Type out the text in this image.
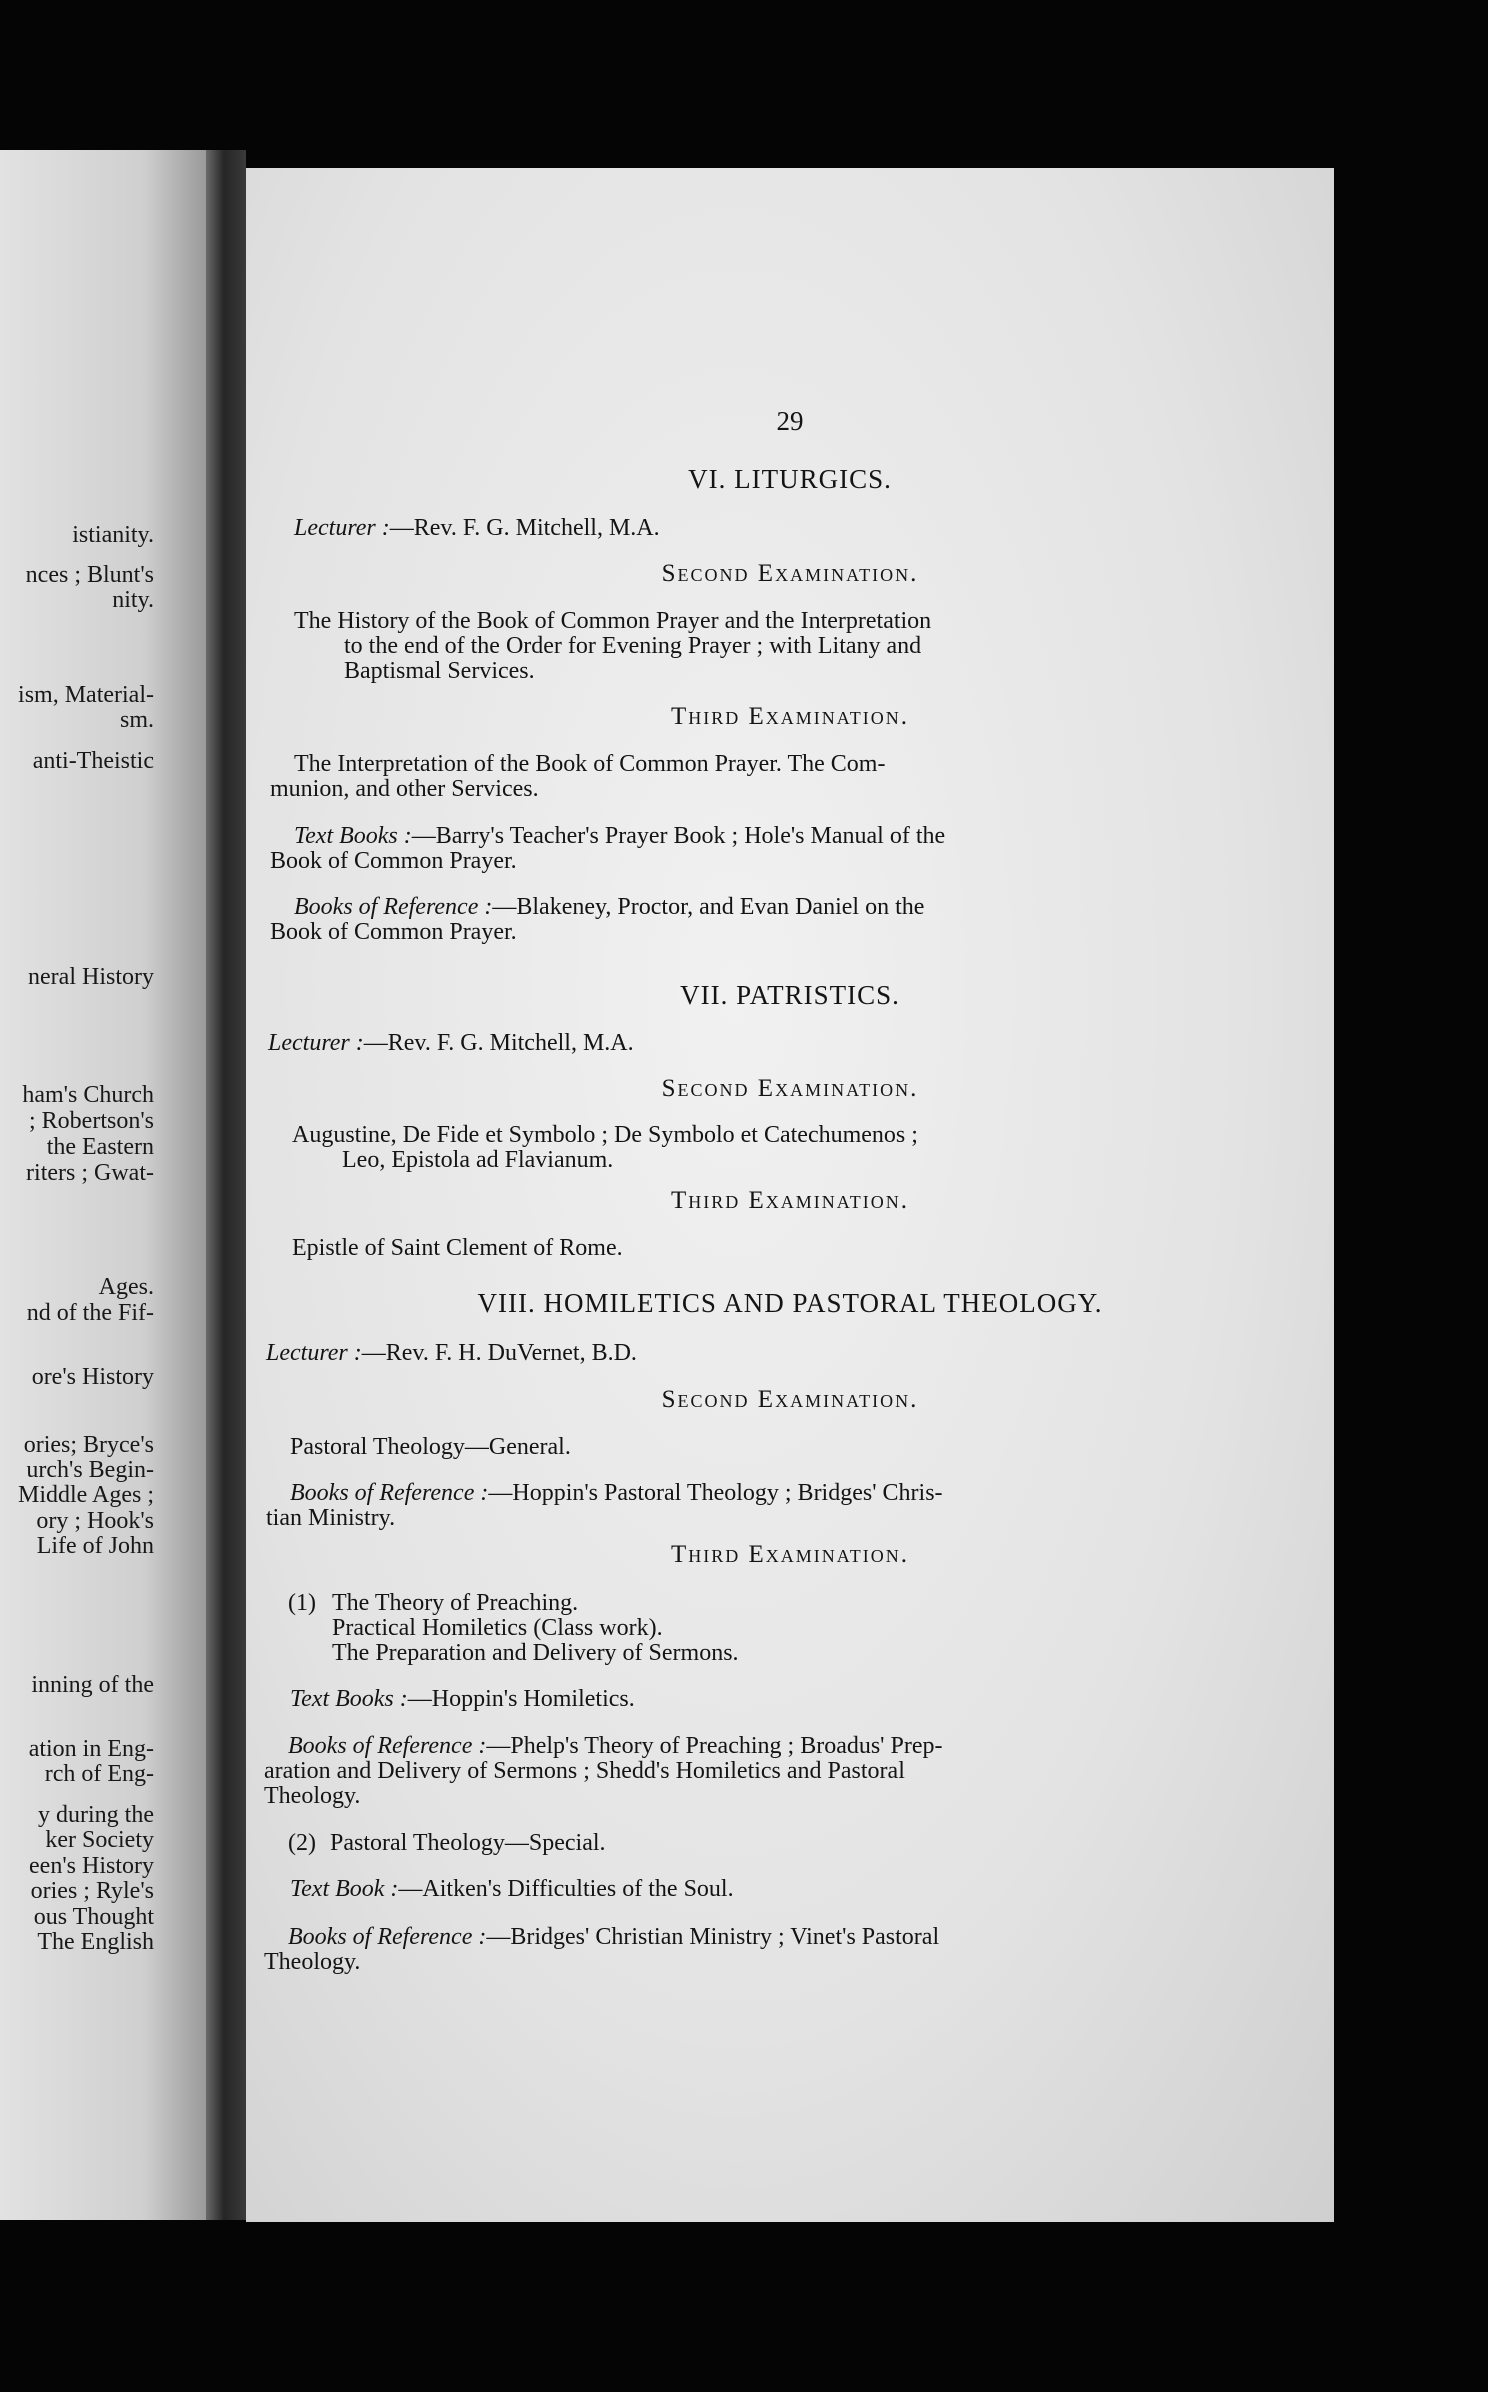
istianity.
nces ; Blunt's
nity.
ism, Material-
sm.
anti-Theistic
neral History
ham's Church
; Robertson's
the Eastern
riters ; Gwat-
Ages.
nd of the Fif-
ore's History
ories; Bryce's
urch's Begin-
Middle Ages ;
ory ; Hook's
Life of John
inning of the
ation in Eng-
rch of Eng-
y during the
ker Society
een's History
ories ; Ryle's
ous Thought
The English
29
VI. LITURGICS.
Lecturer :—Rev. F. G. Mitchell, M.A.
Second Examination.
The History of the Book of Common Prayer and the Interpretation
to the end of the Order for Evening Prayer ; with Litany and
Baptismal Services.
Third Examination.
The Interpretation of the Book of Common Prayer. The Com-
munion, and other Services.
Text Books :—Barry's Teacher's Prayer Book ; Hole's Manual of the
Book of Common Prayer.
Books of Reference :—Blakeney, Proctor, and Evan Daniel on the
Book of Common Prayer.
VII. PATRISTICS.
Lecturer :—Rev. F. G. Mitchell, M.A.
Second Examination.
Augustine, De Fide et Symbolo ; De Symbolo et Catechumenos ;
Leo, Epistola ad Flavianum.
Third Examination.
Epistle of Saint Clement of Rome.
VIII. HOMILETICS AND PASTORAL THEOLOGY.
Lecturer :—Rev. F. H. DuVernet, B.D.
Second Examination.
Pastoral Theology—General.
Books of Reference :—Hoppin's Pastoral Theology ; Bridges' Chris-
tian Ministry.
Third Examination.
(1) The Theory of Preaching.
Practical Homiletics (Class work).
The Preparation and Delivery of Sermons.
Text Books :—Hoppin's Homiletics.
Books of Reference :—Phelp's Theory of Preaching ; Broadus' Prep-
aration and Delivery of Sermons ; Shedd's Homiletics and Pastoral
Theology.
(2) Pastoral Theology—Special.
Text Book :—Aitken's Difficulties of the Soul.
Books of Reference :—Bridges' Christian Ministry ; Vinet's Pastoral
Theology.
